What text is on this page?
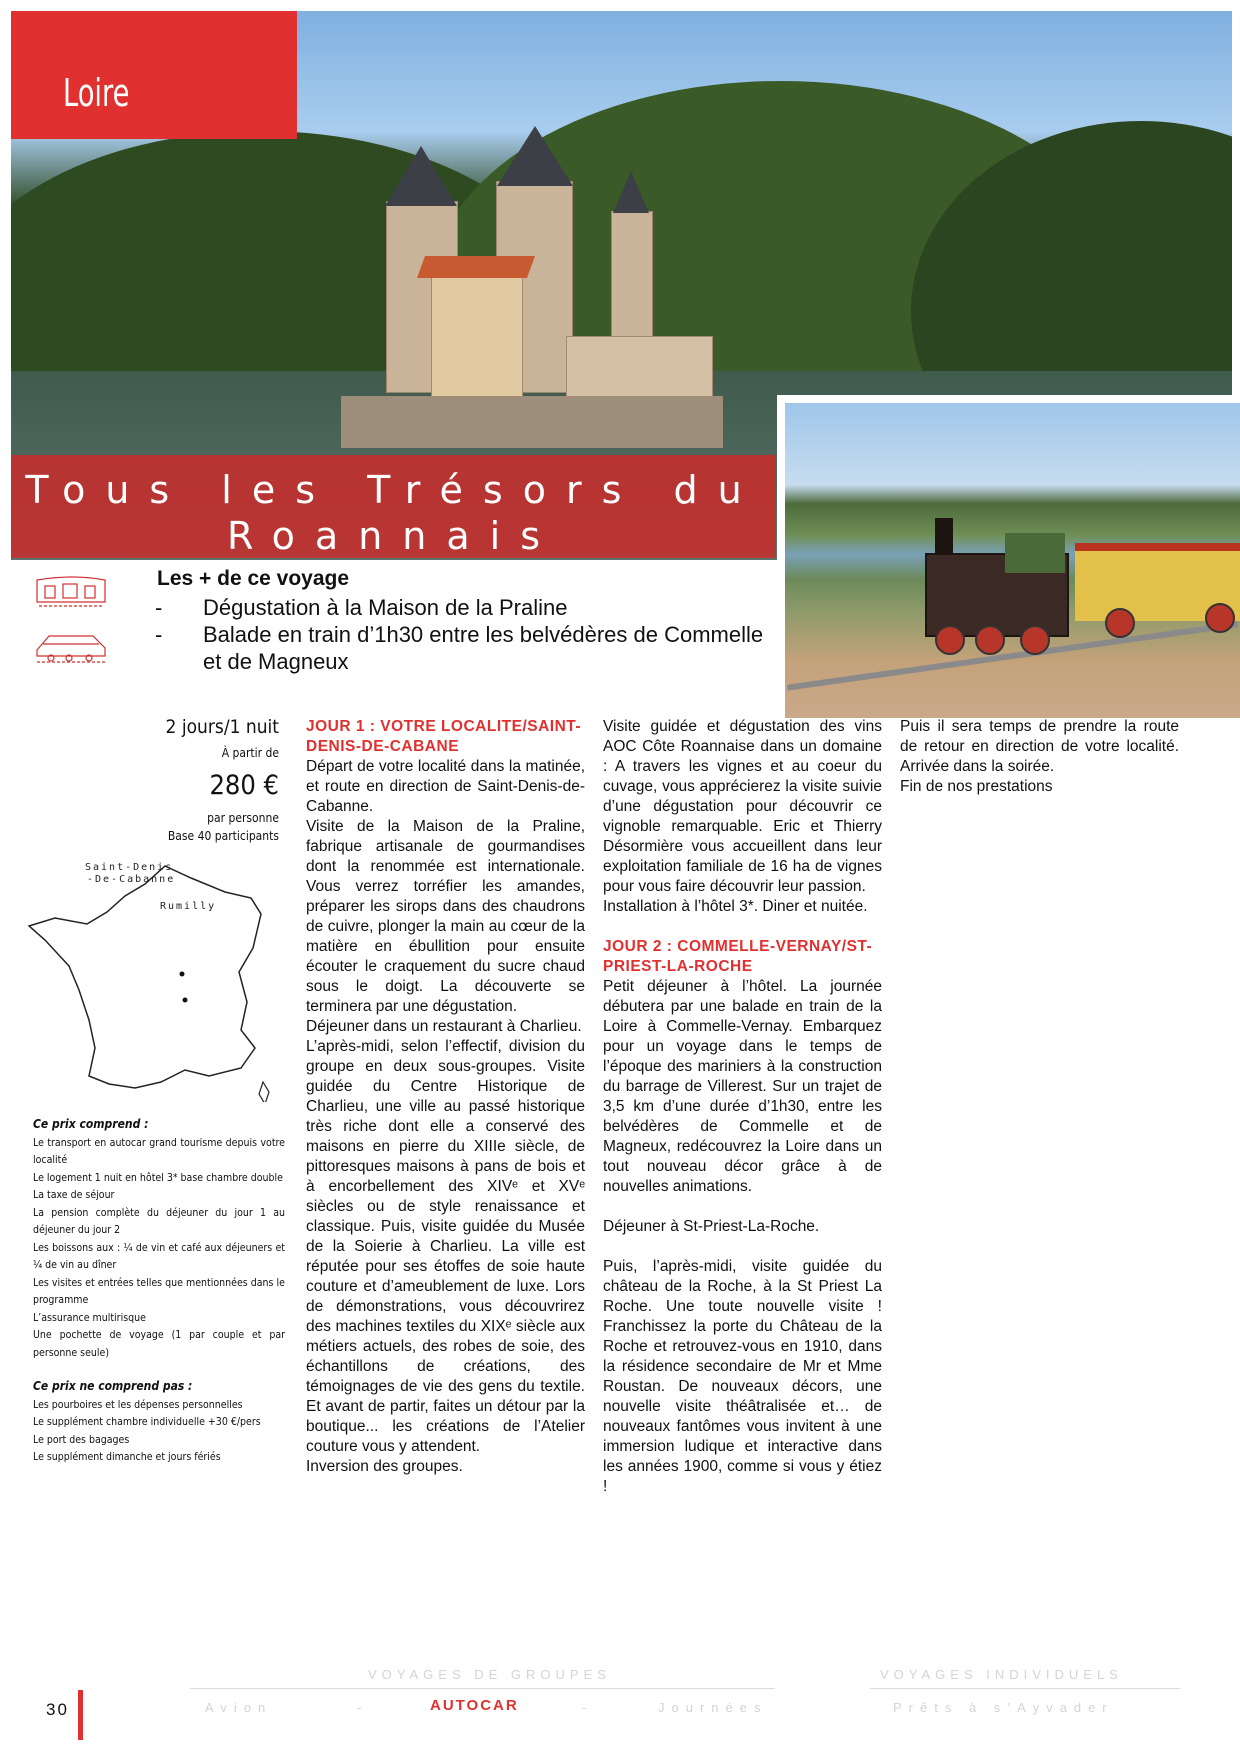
Loire
Tous les Trésors du Roannais
Les + de ce voyage
- Dégustation à la Maison de la Praline
- Balade en train d’1h30 entre les belvédères de Commelle et de Magneux
2 jours/1 nuit
À partir de
280 €
par personne
Base 40 participants
Saint-Denis
-De-Cabanne
Rumilly
Ce prix comprend :

Le transport en autocar grand tourisme depuis votre localité

Le logement 1 nuit en hôtel 3* base chambre double

La taxe de séjour

La pension complète du déjeuner du jour 1 au déjeuner du jour 2

Les boissons aux : ¼ de vin et café aux déjeuners et ¼ de vin au dîner

Les visites et entrées telles que mentionnées dans le programme

L’assurance multirisque

Une pochette de voyage (1 par couple et par personne seule)

Ce prix ne comprend pas :

Les pourboires et les dépenses personnelles

Le supplément chambre individuelle +30 €/pers

Le port des bagages

Le supplément dimanche et jours fériés

JOUR 1 : VOTRE LOCALITE/SAINT-DENIS-DE-CABANE

Départ de votre localité dans la matinée, et route en direction de Saint-Denis-de-Cabanne.

Visite de la Maison de la Praline, fabrique artisanale de gourmandises dont la renommée est internationale. Vous verrez torréfier les amandes, préparer les sirops dans des chaudrons de cuivre, plonger la main au cœur de la matière en ébullition pour ensuite écouter le craquement du sucre chaud sous le doigt. La découverte se terminera par une dégustation.

Déjeuner dans un restaurant à Charlieu.

L’après-midi, selon l’effectif, division du groupe en deux sous-groupes. Visite guidée du Centre Historique de Charlieu, une ville au passé historique très riche dont elle a conservé des maisons en pierre du XIIIe siècle, de pittoresques maisons à pans de bois et à encorbellement des XIVᵉ et XVᵉ siècles ou de style renaissance et classique. Puis, visite guidée du Musée de la Soierie à Charlieu. La ville est réputée pour ses étoffes de soie haute couture et d’ameublement de luxe. Lors de démonstrations, vous découvrirez des machines textiles du XIXᵉ siècle aux métiers actuels, des robes de soie, des échantillons de créations, des témoignages de vie des gens du textile. Et avant de partir, faites un détour par la boutique... les créations de l’Atelier couture vous y attendent.

Inversion des groupes.

Visite guidée et dégustation des vins AOC Côte Roannaise dans un domaine : A travers les vignes et au coeur du cuvage, vous apprécierez la visite suivie d’une dégustation pour découvrir ce vignoble remarquable. Eric et Thierry Désormière vous accueillent dans leur exploitation familiale de 16 ha de vignes pour vous faire découvrir leur passion.

Installation à l’hôtel 3*. Diner et nuitée.

JOUR 2 : COMMELLE-VERNAY/ST-PRIEST-LA-ROCHE

Petit déjeuner à l’hôtel. La journée débutera par une balade en train de la Loire à Commelle-Vernay. Embarquez pour un voyage dans le temps de l’époque des mariniers à la construction du barrage de Villerest. Sur un trajet de 3,5 km d’une durée d’1h30, entre les belvédères de Commelle et de Magneux, redécouvrez la Loire dans un tout nouveau décor grâce à de nouvelles animations.

Déjeuner à St-Priest-La-Roche.

Puis, l’après-midi, visite guidée du château de la Roche, à la St Priest La Roche. Une toute nouvelle visite ! Franchissez la porte du Château de la Roche et retrouvez-vous en 1910, dans la résidence secondaire de Mr et Mme Roustan. De nouveaux décors, une nouvelle visite théâtralisée et… de nouveaux fantômes vous invitent à une immersion ludique et interactive dans les années 1900, comme si vous y étiez !

Puis il sera temps de prendre la route de retour en direction de votre localité. Arrivée dans la soirée.

Fin de nos prestations

30
VOYAGES DE GROUPES	VOYAGES INDIVIDUELS
Avion	-	AUTOCAR	-	Journées	Prêts à s’Ayvader
